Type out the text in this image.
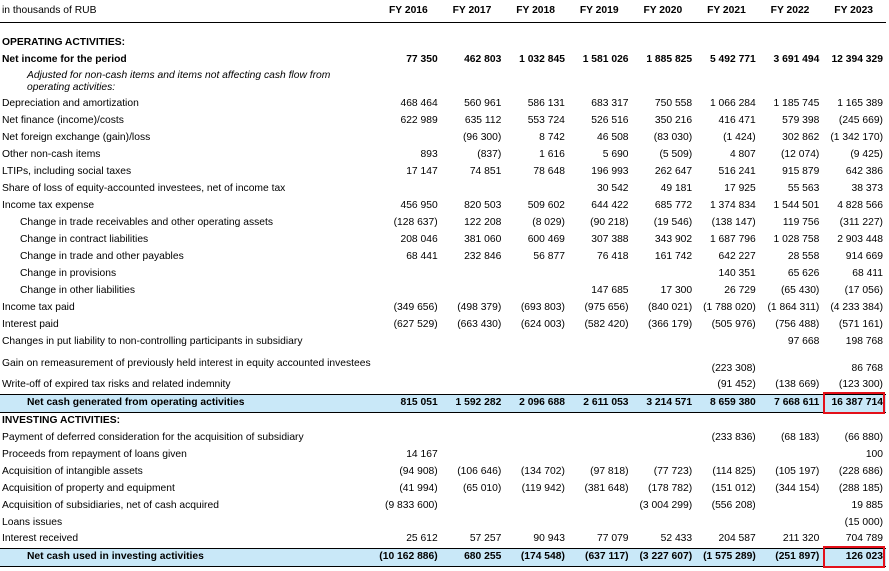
in thousands of RUB	FY 2016	FY 2017	FY 2018	FY 2019	FY 2020	FY 2021	FY 2022	FY 2023

OPERATING ACTIVITIES:								
Net income for the period	77 350	462 803	1 032 845	1 581 026	1 885 825	5 492 771	3 691 494	12 394 329
Adjusted for non-cash items and items not affecting cash flow from operating activities:								
Depreciation and amortization	468 464	560 961	586 131	683 317	750 558	1 066 284	1 185 745	1 165 389
Net finance (income)/costs	622 989	635 112	553 724	526 516	350 216	416 471	579 398	(245 669)
Net foreign exchange (gain)/loss		(96 300)	8 742	46 508	(83 030)	(1 424)	302 862	(1 342 170)
Other non-cash items	893	(837)	1 616	5 690	(5 509)	4 807	(12 074)	(9 425)
LTIPs, including social taxes	17 147	74 851	78 648	196 993	262 647	516 241	915 879	642 386
Share of loss of equity-accounted investees, net of income tax				30 542	49 181	17 925	55 563	38 373
Income tax expense	456 950	820 503	509 602	644 422	685 772	1 374 834	1 544 501	4 828 566
Change in trade receivables and other operating assets	(128 637)	122 208	(8 029)	(90 218)	(19 546)	(138 147)	119 756	(311 227)
Change in contract liabilities	208 046	381 060	600 469	307 388	343 902	1 687 796	1 028 758	2 903 448
Change in trade and other payables	68 441	232 846	56 877	76 418	161 742	642 227	28 558	914 669
Change in provisions						140 351	65 626	68 411
Change in other liabilities				147 685	17 300	26 729	(65 430)	(17 056)
Income tax paid	(349 656)	(498 379)	(693 803)	(975 656)	(840 021)	(1 788 020)	(1 864 311)	(4 233 384)
Interest paid	(627 529)	(663 430)	(624 003)	(582 420)	(366 179)	(505 976)	(756 488)	(571 161)
Changes in put liability to non-controlling participants in subsidiary							97 668	198 768
Gain on remeasurement of previously held interest in equity accounted investees						(223 308)		86 768
Write-off of expired tax risks and related indemnity						(91 452)	(138 669)	(123 300)
Net cash generated from operating activities	815 051	1 592 282	2 096 688	2 611 053	3 214 571	8 659 380	7 668 611	16 387 714
INVESTING ACTIVITIES:								
Payment of deferred consideration for the acquisition of subsidiary						(233 836)	(68 183)	(66 880)
Proceeds from repayment of loans given	14 167							100
Acquisition of intangible assets	(94 908)	(106 646)	(134 702)	(97 818)	(77 723)	(114 825)	(105 197)	(228 686)
Acquisition of property and equipment	(41 994)	(65 010)	(119 942)	(381 648)	(178 782)	(151 012)	(344 154)	(288 185)
Acquisition of subsidiaries, net of cash acquired	(9 833 600)				(3 004 299)	(556 208)		19 885
Loans issues								(15 000)
Interest received	25 612	57 257	90 943	77 079	52 433	204 587	211 320	704 789
Net cash used in investing activities	(10 162 886)	680 255	(174 548)	(637 117)	(3 227 607)	(1 575 289)	(251 897)	126 023
